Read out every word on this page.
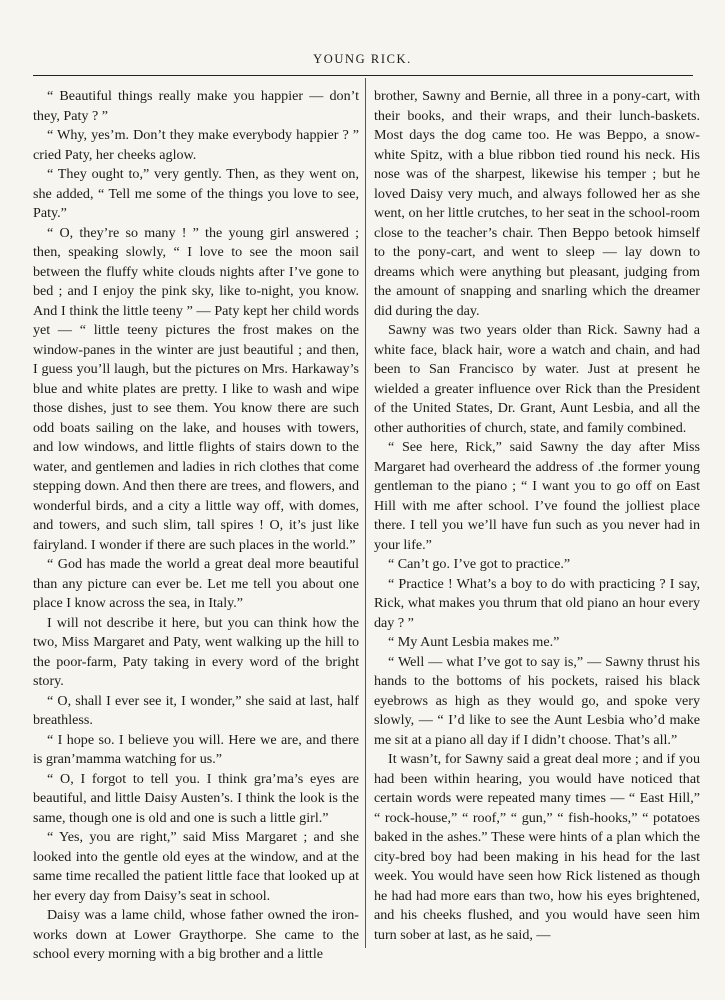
YOUNG RICK.

“ Beautiful things really make you happier — don’t they, Paty ? ”

“ Why, yes’m. Don’t they make everybody happier ? ” cried Paty, her cheeks aglow.

“ They ought to,” very gently. Then, as they went on, she added, “ Tell me some of the things you love to see, Paty.”

“ O, they’re so many ! ” the young girl answered ; then, speaking slowly, “ I love to see the moon sail between the fluffy white clouds nights after I’ve gone to bed ; and I enjoy the pink sky, like to-night, you know. And I think the little teeny ” — Paty kept her child words yet — “ little teeny pictures the frost makes on the window-panes in the winter are just beautiful ; and then, I guess you’ll laugh, but the pictures on Mrs. Harkaway’s blue and white plates are pretty. I like to wash and wipe those dishes, just to see them. You know there are such odd boats sailing on the lake, and houses with towers, and low windows, and little flights of stairs down to the water, and gentlemen and ladies in rich clothes that come stepping down. And then there are trees, and flowers, and wonderful birds, and a city a little way off, with domes, and towers, and such slim, tall spires ! O, it’s just like fairyland. I wonder if there are such places in the world.”

“ God has made the world a great deal more beautiful than any picture can ever be. Let me tell you about one place I know across the sea, in Italy.”

I will not describe it here, but you can think how the two, Miss Margaret and Paty, went walking up the hill to the poor-farm, Paty taking in every word of the bright story.

“ O, shall I ever see it, I wonder,” she said at last, half breathless.

“ I hope so. I believe you will. Here we are, and there is gran’mamma watching for us.”

“ O, I forgot to tell you. I think gra’ma’s eyes are beautiful, and little Daisy Austen’s. I think the look is the same, though one is old and one is such a little girl.”

“ Yes, you are right,” said Miss Margaret ; and she looked into the gentle old eyes at the window, and at the same time recalled the patient little face that looked up at her every day from Daisy’s seat in school.

Daisy was a lame child, whose father owned the iron-works down at Lower Graythorpe. She came to the school every morning with a big brother and a little

brother, Sawny and Bernie, all three in a pony-cart, with their books, and their wraps, and their lunch-baskets. Most days the dog came too. He was Beppo, a snow-white Spitz, with a blue ribbon tied round his neck. His nose was of the sharpest, likewise his temper ; but he loved Daisy very much, and always followed her as she went, on her little crutches, to her seat in the school-room close to the teacher’s chair. Then Beppo betook himself to the pony-cart, and went to sleep — lay down to dreams which were anything but pleasant, judging from the amount of snapping and snarling which the dreamer did during the day.

Sawny was two years older than Rick. Sawny had a white face, black hair, wore a watch and chain, and had been to San Francisco by water. Just at present he wielded a greater influence over Rick than the President of the United States, Dr. Grant, Aunt Lesbia, and all the other authorities of church, state, and family combined.

“ See here, Rick,” said Sawny the day after Miss Margaret had overheard the address of .the former young gentleman to the piano ; “ I want you to go off on East Hill with me after school. I’ve found the jolliest place there. I tell you we’ll have fun such as you never had in your life.”

“ Can’t go. I’ve got to practice.”

“ Practice ! What’s a boy to do with practicing ? I say, Rick, what makes you thrum that old piano an hour every day ? ”

“ My Aunt Lesbia makes me.”

“ Well — what I’ve got to say is,” — Sawny thrust his hands to the bottoms of his pockets, raised his black eyebrows as high as they would go, and spoke very slowly, — “ I’d like to see the Aunt Lesbia who’d make me sit at a piano all day if I didn’t choose. That’s all.”

It wasn’t, for Sawny said a great deal more ; and if you had been within hearing, you would have noticed that certain words were repeated many times — “ East Hill,” “ rock-house,” “ roof,” “ gun,” “ fish-hooks,” “ potatoes baked in the ashes.” These were hints of a plan which the city-bred boy had been making in his head for the last week. You would have seen how Rick listened as though he had had more ears than two, how his eyes brightened, and his cheeks flushed, and you would have seen him turn sober at last, as he said, —
